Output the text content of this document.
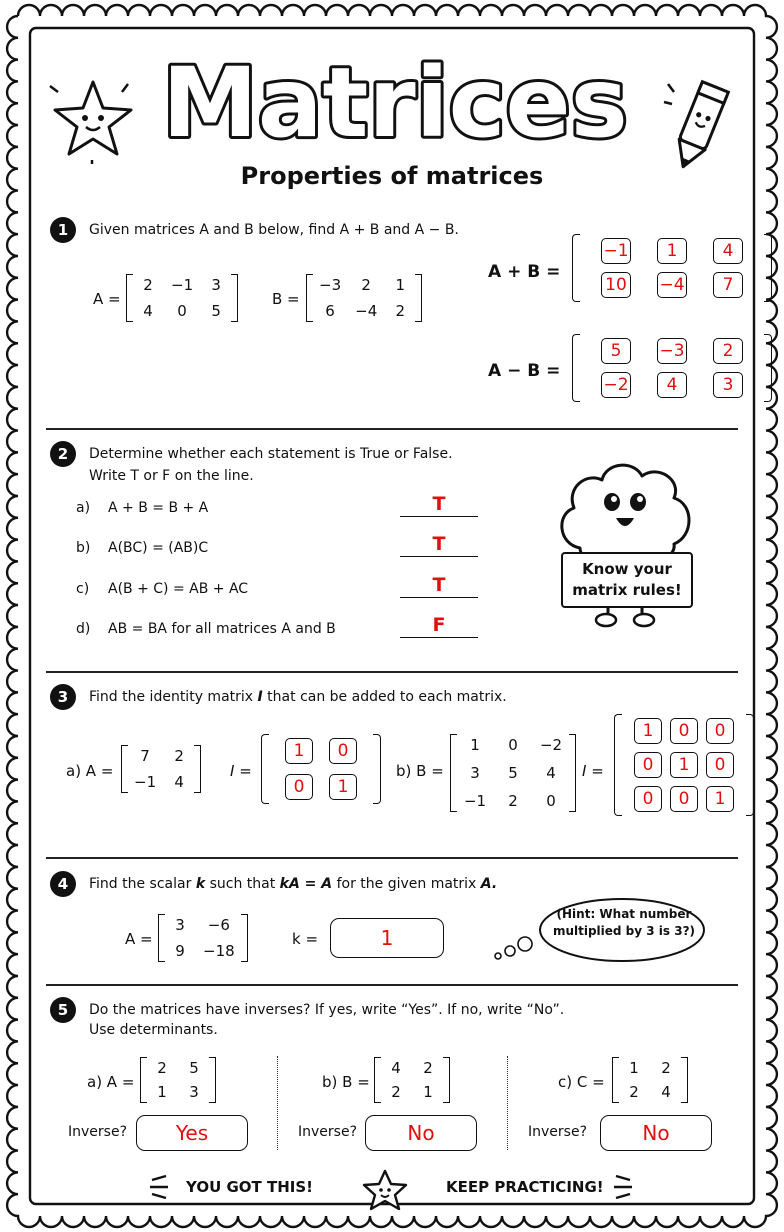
Matrices
Properties of matrices
1	Given matrices A and B below, find A + B and A − B.
A =
2 −1 3
4	0	5
B =
−3	2	1
6	−4 2
A + B =
−1	1	4
10 −4	7
A − B =
5	−3	2
−2	4	3
2	Determine whether each statement is True or False.
Write T or F on the line.
a) A + B = B + A	T
b) A(BC) = (AB)C	T
c) A(B + C) = AB + AC	T
d) AB = BA for all matrices A and B	F
Know your
matrix rules!
3	Find the identity matrix I that can be added to each matrix.
a) A =
7	2
−1 4
I =
1	0
0	1
b) B =
1	0	−2
3	5	4
−1	2	0
I =
1	0	0
0	1	0
0	0	1
4	Find the scalar k such that kA = A for the given matrix A.
A =
3	−6
9 −18
k =	1
(Hint: What number
multiplied by 3 is 3?)
5	Do the matrices have inverses? If yes, write “Yes”. If no, write “No”.
Use determinants.
a) A =
2 5
1 3
Inverse?	Yes
b) B =
4 2
2 1
Inverse?	No
c) C =
1 2
2 4
Inverse?	No
YOU GOT THIS!	KEEP PRACTICING!
